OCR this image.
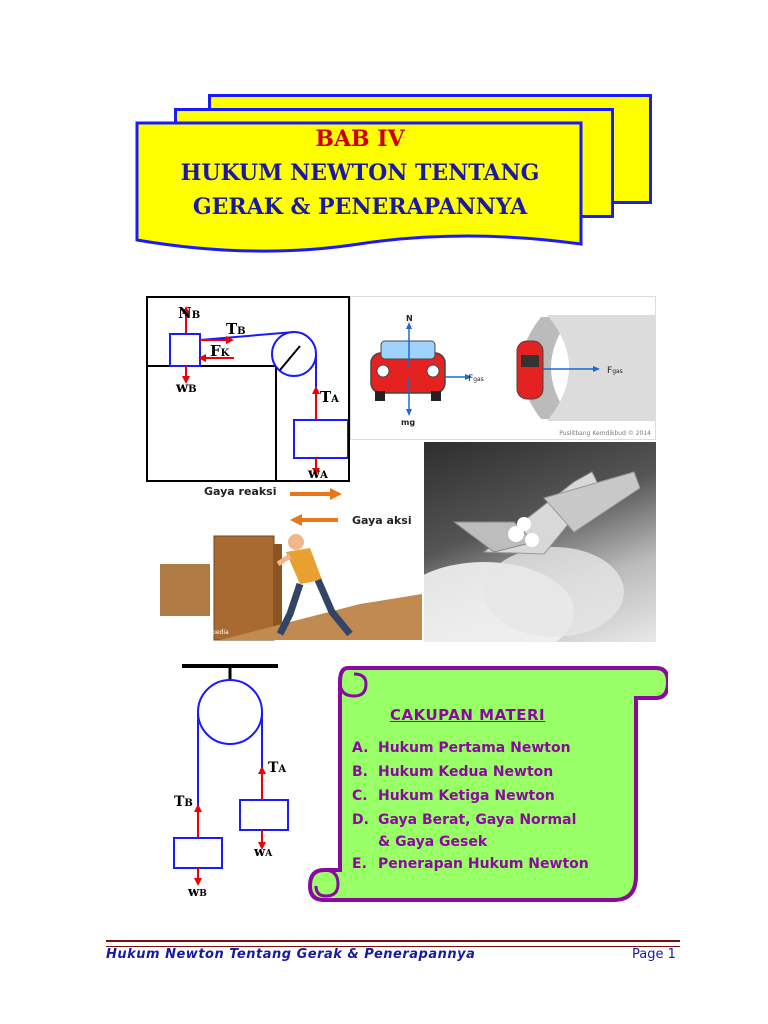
BAB IV
HUKUM NEWTON TENTANG
GERAK & PENERAPANNYA
NB
TB
FK
wB	TA
wA
N
mg
Fgas
Fgas
Puslitbang Kemdikbud © 2014
Gaya reaksi
Gaya aksi
Encarta Encyclopedia
TA
TB
wA
wB
CAKUPAN MATERI
A. Hukum Pertama Newton
B. Hukum Kedua Newton
C. Hukum Ketiga Newton
D. Gaya Berat, Gaya Normal
& Gaya Gesek
E. Penerapan Hukum Newton
Hukum Newton Tentang Gerak & Penerapannya	Page 1
